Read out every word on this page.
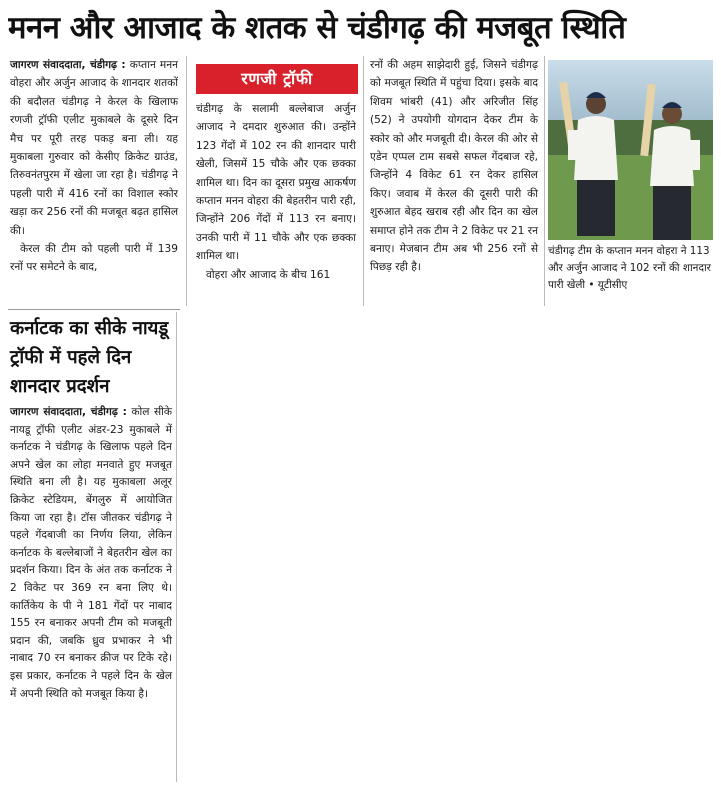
मनन और आजाद के शतक से चंडीगढ़ की मजबूत स्थिति

जागरण संवाददाता, चंडीगढ़ : कप्तान मनन वोहरा और अर्जुन आजाद के शानदार शतकों की बदौलत चंडीगढ़ ने केरल के खिलाफ रणजी ट्रॉफी एलीट मुकाबले के दूसरे दिन मैच पर पूरी तरह पकड़ बना ली। यह मुकाबला गुरुवार को केसीए क्रिकेट ग्राउंड, तिरुवनंतपुरम में खेला जा रहा है। चंडीगढ़ ने पहली पारी में 416 रनों का विशाल स्कोर खड़ा कर 256 रनों की मजबूत बढ़त हासिल की।

केरल की टीम को पहली पारी में 139 रनों पर समेटने के बाद,

रणजी ट्रॉफी

चंडीगढ़ के सलामी बल्लेबाज अर्जुन आजाद ने दमदार शुरुआत की। उन्होंने 123 गेंदों में 102 रन की शानदार पारी खेली, जिसमें 15 चौके और एक छक्का शामिल था। दिन का दूसरा प्रमुख आकर्षण कप्तान मनन वोहरा की बेहतरीन पारी रही, जिन्होंने 206 गेंदों में 113 रन बनाए। उनकी पारी में 11 चौके और एक छक्का शामिल था।

वोहरा और आजाद के बीच 161

रनों की अहम साझेदारी हुई, जिसने चंडीगढ़ को मजबूत स्थिति में पहुंचा दिया। इसके बाद शिवम भांबरी (41) और अरिजीत सिंह (52) ने उपयोगी योगदान देकर टीम के स्कोर को और मजबूती दी। केरल की ओर से एडेन एप्पल टाम सबसे सफल गेंदबाज रहे, जिन्होंने 4 विकेट 61 रन देकर हासिल किए। जवाब में केरल की दूसरी पारी की शुरुआत बेहद खराब रही और दिन का खेल समाप्त होने तक टीम ने 2 विकेट पर 21 रन बनाए। मेजबान टीम अब भी 256 रनों से पिछड़ रही है।

चंडीगढ़ टीम के कप्तान मनन वोहरा ने 113 और अर्जुन आजाद ने 102 रनों की शानदार पारी खेली • यूटीसीए
कर्नाटक का सीके नायडू ट्रॉफी में पहले दिन शानदार प्रदर्शन

जागरण संवाददाता, चंडीगढ़ : कोल सीके नायडू ट्रॉफी एलीट अंडर-23 मुकाबले में कर्नाटक ने चंडीगढ़ के खिलाफ पहले दिन अपने खेल का लोहा मनवाते हुए मजबूत स्थिति बना ली है। यह मुकाबला अलूर क्रिकेट स्टेडियम, बेंगलुरु में आयोजित किया जा रहा है। टॉस जीतकर चंडीगढ़ ने पहले गेंदबाजी का निर्णय लिया, लेकिन कर्नाटक के बल्लेबाजों ने बेहतरीन खेल का प्रदर्शन किया। दिन के अंत तक कर्नाटक ने 2 विकेट पर 369 रन बना लिए थे। कार्तिकेय के पी ने 181 गेंदों पर नाबाद 155 रन बनाकर अपनी टीम को मजबूती प्रदान की, जबकि ध्रुव प्रभाकर ने भी नाबाद 70 रन बनाकर क्रीज पर टिके रहे। इस प्रकार, कर्नाटक ने पहले दिन के खेल में अपनी स्थिति को मजबूत किया है।
